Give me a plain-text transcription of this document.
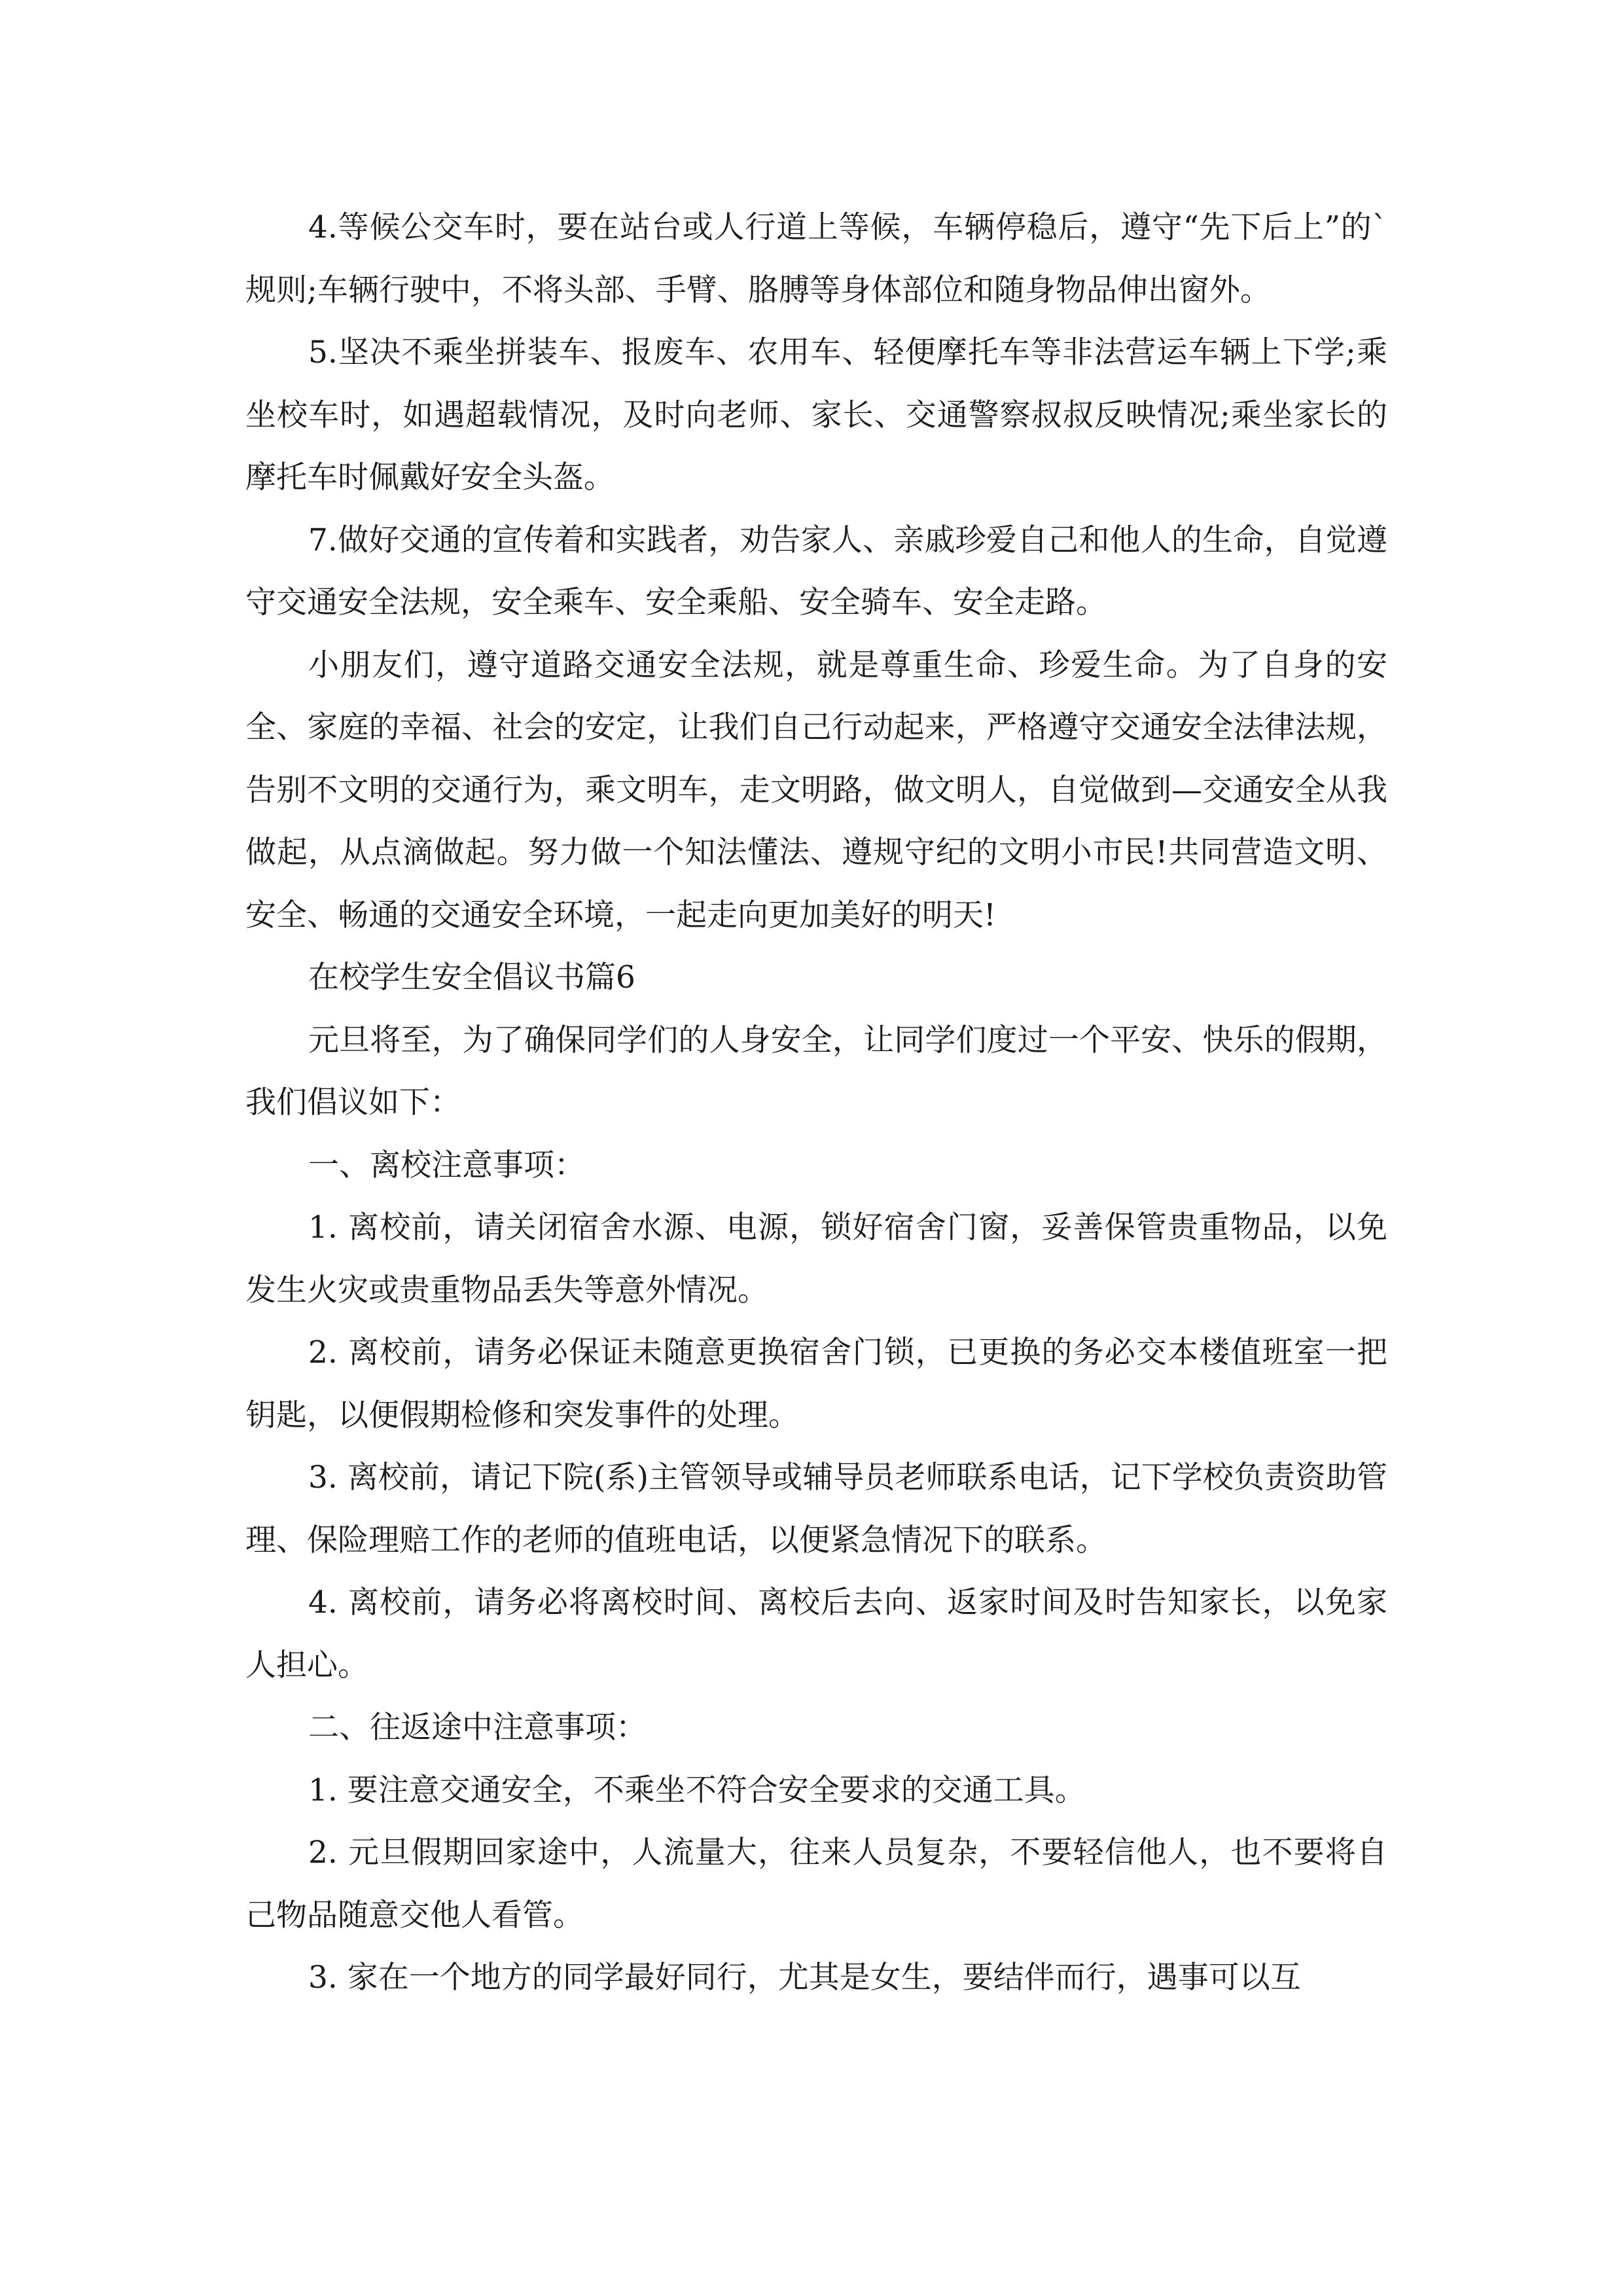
4.等候公交车时，要在站台或人行道上等候，车辆停稳后，遵守“先下后上”的`规则;车辆行驶中，不将头部、手臂、胳膊等身体部位和随身物品伸出窗外。

5.坚决不乘坐拼装车、报废车、农用车、轻便摩托车等非法营运车辆上下学;乘坐校车时，如遇超载情况，及时向老师、家长、交通警察叔叔反映情况;乘坐家长的摩托车时佩戴好安全头盔。

7.做好交通的宣传着和实践者，劝告家人、亲戚珍爱自己和他人的生命，自觉遵守交通安全法规，安全乘车、安全乘船、安全骑车、安全走路。

小朋友们，遵守道路交通安全法规，就是尊重生命、珍爱生命。为了自身的安全、家庭的幸福、社会的安定，让我们自己行动起来，严格遵守交通安全法律法规，告别不文明的交通行为，乘文明车，走文明路，做文明人，自觉做到—交通安全从我做起，从点滴做起。努力做一个知法懂法、遵规守纪的文明小市民!共同营造文明、安全、畅通的交通安全环境，一起走向更加美好的明天!

在校学生安全倡议书篇6

元旦将至，为了确保同学们的人身安全，让同学们度过一个平安、快乐的假期，我们倡议如下：

一、离校注意事项：

1. 离校前，请关闭宿舍水源、电源，锁好宿舍门窗，妥善保管贵重物品，以免发生火灾或贵重物品丢失等意外情况。

2. 离校前，请务必保证未随意更换宿舍门锁，已更换的务必交本楼值班室一把钥匙，以便假期检修和突发事件的处理。

3. 离校前，请记下院(系)主管领导或辅导员老师联系电话，记下学校负责资助管理、保险理赔工作的老师的值班电话，以便紧急情况下的联系。

4. 离校前，请务必将离校时间、离校后去向、返家时间及时告知家长，以免家人担心。

二、往返途中注意事项：

1. 要注意交通安全，不乘坐不符合安全要求的交通工具。

2. 元旦假期回家途中，人流量大，往来人员复杂，不要轻信他人，也不要将自己物品随意交他人看管。

3. 家在一个地方的同学最好同行，尤其是女生，要结伴而行，遇事可以互
